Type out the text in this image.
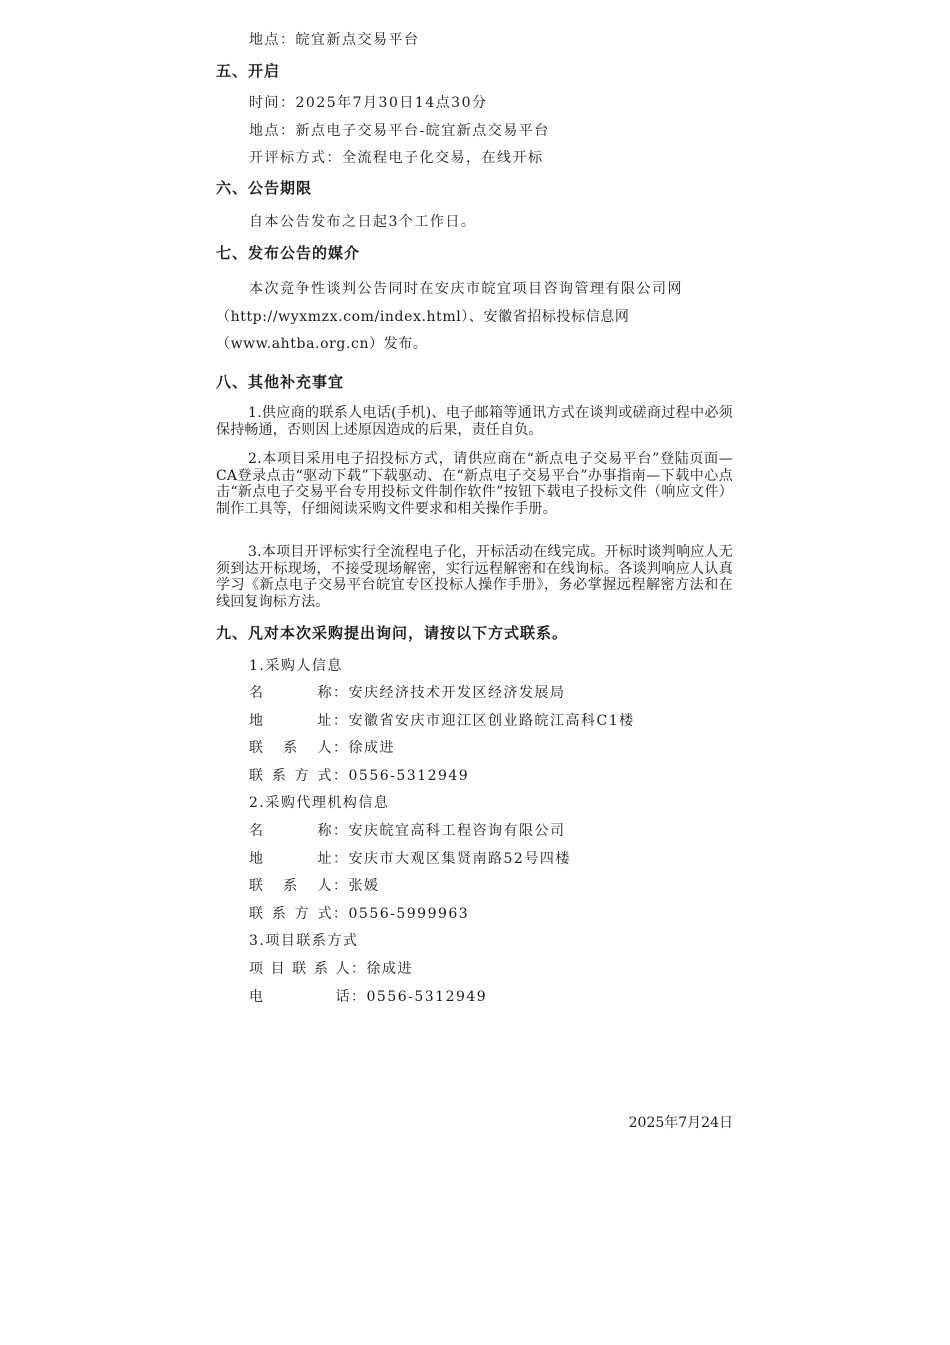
地点：皖宜新点交易平台
五、开启
时间：2025年7月30日14点30分
地点：新点电子交易平台-皖宜新点交易平台
开评标方式：全流程电子化交易，在线开标
六、公告期限
自本公告发布之日起3个工作日。
七、发布公告的媒介
本次竞争性谈判公告同时在安庆市皖宜项目咨询管理有限公司网
（http://wyxmzx.com/index.html）、安徽省招标投标信息网
（www.ahtba.org.cn）发布。
八、其他补充事宜
1.供应商的联系人电话(手机)、电子邮箱等通讯方式在谈判或磋商过程中必须保持畅通，否则因上述原因造成的后果，责任自负。
2.本项目采用电子招投标方式，请供应商在“新点电子交易平台”登陆页面—CA登录点击“驱动下载”下载驱动、在“新点电子交易平台”办事指南—下载中心点击“新点电子交易平台专用投标文件制作软件”按钮下载电子投标文件（响应文件）制作工具等，仔细阅读采购文件要求和相关操作手册。
3.本项目开评标实行全流程电子化，开标活动在线完成。开标时谈判响应人无须到达开标现场，不接受现场解密，实行远程解密和在线询标。各谈判响应人认真学习《新点电子交易平台皖宜专区投标人操作手册》，务必掌握远程解密方法和在线回复询标方法。
九、凡对本次采购提出询问，请按以下方式联系。
1.采购人信息
名称：安庆经济技术开发区经济发展局
地址：安徽省安庆市迎江区创业路皖江高科C1楼
联系人：徐成进
联系方式：0556-5312949
2.采购代理机构信息
名称：安庆皖宜高科工程咨询有限公司
地址：安庆市大观区集贤南路52号四楼
联系人：张媛
联系方式：0556-5999963
3.项目联系方式
项目联系人：徐成进
电话：0556-5312949
2025年7月24日
